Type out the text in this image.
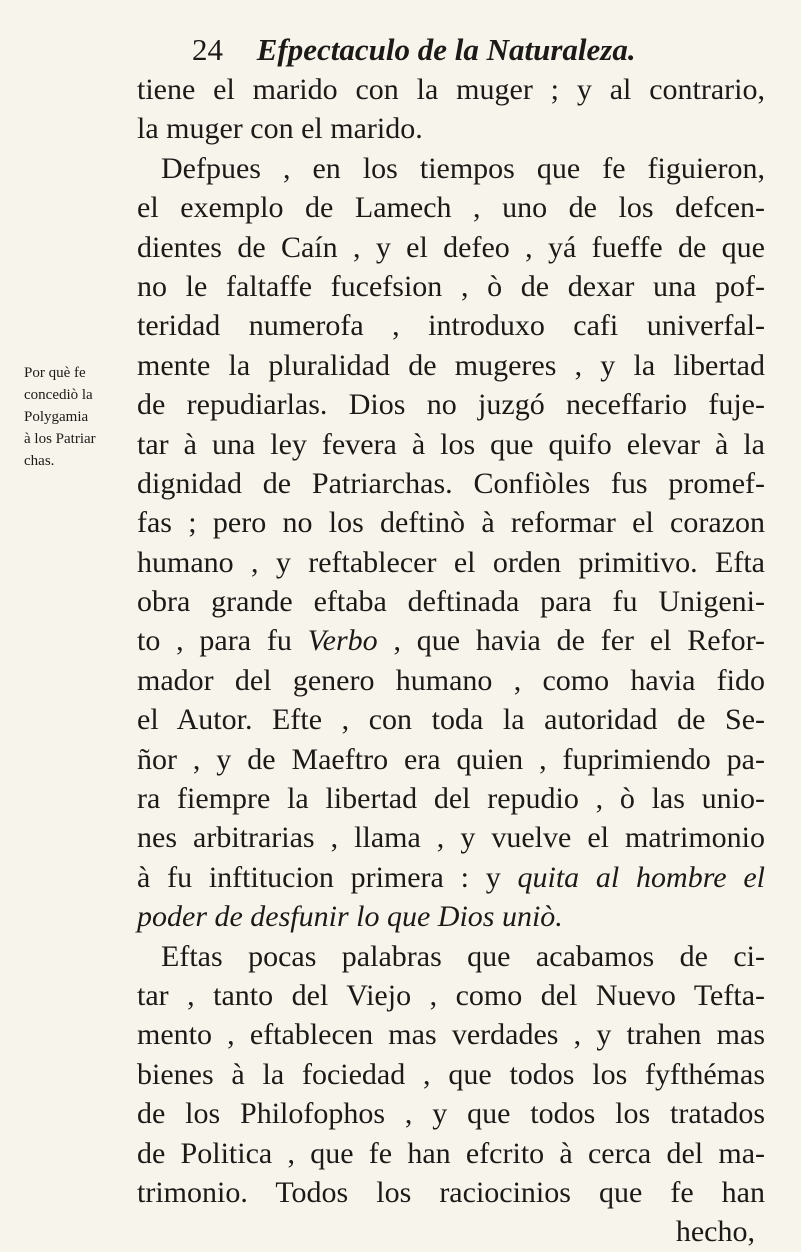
24 Efpectaculo de la Naturaleza.
Por què fe
concediò la
Polygamia
à los Patriar
chas.
tiene el marido con la muger ; y al contrario,
la muger con el marido.
Defpues , en los tiempos que fe figuieron,
el exemplo de Lamech , uno de los defcen-
dientes de Caín , y el defeo , yá fueffe de que
no le faltaffe fucefsion , ò de dexar una pof-
teridad numerofa , introduxo cafi univerfal-
mente la pluralidad de mugeres , y la libertad
de repudiarlas. Dios no juzgó neceffario fuje-
tar à una ley fevera à los que quifo elevar à la
dignidad de Patriarchas. Confiòles fus promef-
fas ; pero no los deftinò à reformar el corazon
humano , y reftablecer el orden primitivo. Efta
obra grande eftaba deftinada para fu Unigeni-
to , para fu Verbo , que havia de fer el Refor-
mador del genero humano , como havia fido
el Autor. Efte , con toda la autoridad de Se-
ñor , y de Maeftro era quien , fuprimiendo pa-
ra fiempre la libertad del repudio , ò las unio-
nes arbitrarias , llama , y vuelve el matrimonio
à fu inftitucion primera : y quita al hombre el
poder de desfunir lo que Dios uniò.
Eftas pocas palabras que acabamos de ci-
tar , tanto del Viejo , como del Nuevo Tefta-
mento , eftablecen mas verdades , y trahen mas
bienes à la fociedad , que todos los fyfthémas
de los Philofophos , y que todos los tratados
de Politica , que fe han efcrito à cerca del ma-
trimonio. Todos los raciocinios que fe han
hecho,
